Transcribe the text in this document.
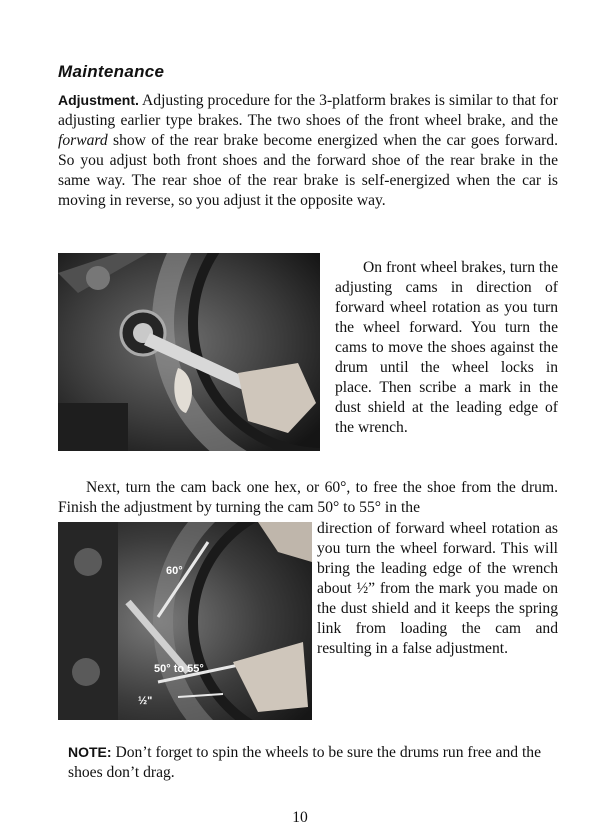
Maintenance

Adjustment. Adjusting procedure for the 3-platform brakes is similar to that for adjusting earlier type brakes. The two shoes of the front wheel brake, and the forward show of the rear brake become energized when the car goes forward. So you adjust both front shoes and the forward shoe of the rear brake in the same way. The rear shoe of the rear brake is self-energized when the car is moving in reverse, so you adjust it the opposite way.

On front wheel brakes, turn the adjusting cams in direction of forward wheel rotation as you turn the wheel forward. You turn the cams to move the shoes against the drum until the wheel locks in place. Then scribe a mark in the dust shield at the leading edge of the wrench.

Next, turn the cam back one hex, or 60°, to free the shoe from the drum. Finish the adjustment by turning the cam 50° to 55° in the

60°
50° to 55°
½"

direction of forward wheel rotation as you turn the wheel forward. This will bring the leading edge of the wrench about ½” from the mark you made on the dust shield and it keeps the spring link from loading the cam and resulting in a false adjustment.

NOTE: Don’t forget to spin the wheels to be sure the drums run free and the shoes don’t drag.

10
